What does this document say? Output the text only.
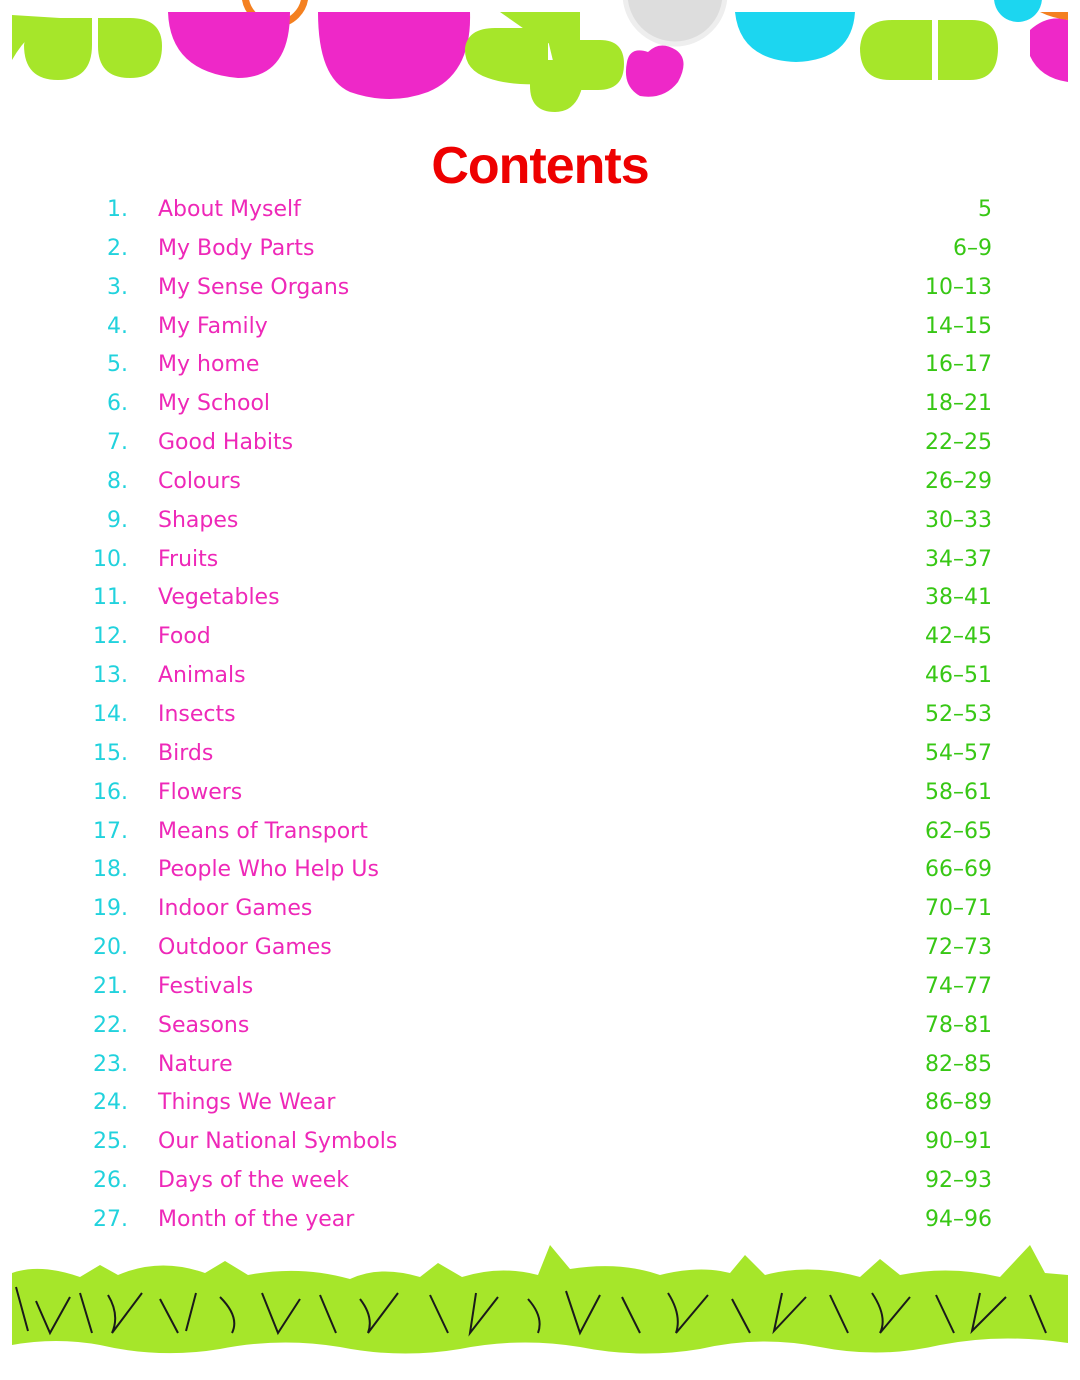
Contents
1. About Myself	5
2. My Body Parts	6–9
3. My Sense Organs	10–13
4. My Family	14–15
5. My home	16–17
6. My School	18–21
7. Good Habits	22–25
8. Colours	26–29
9. Shapes	30–33
10. Fruits	34–37
11. Vegetables	38–41
12. Food	42–45
13. Animals	46–51
14. Insects	52–53
15. Birds	54–57
16. Flowers	58–61
17. Means of Transport	62–65
18. People Who Help Us	66–69
19. Indoor Games	70–71
20. Outdoor Games	72–73
21. Festivals	74–77
22. Seasons	78–81
23. Nature	82–85
24. Things We Wear	86–89
25. Our National Symbols	90–91
26. Days of the week	92–93
27. Month of the year	94–96
